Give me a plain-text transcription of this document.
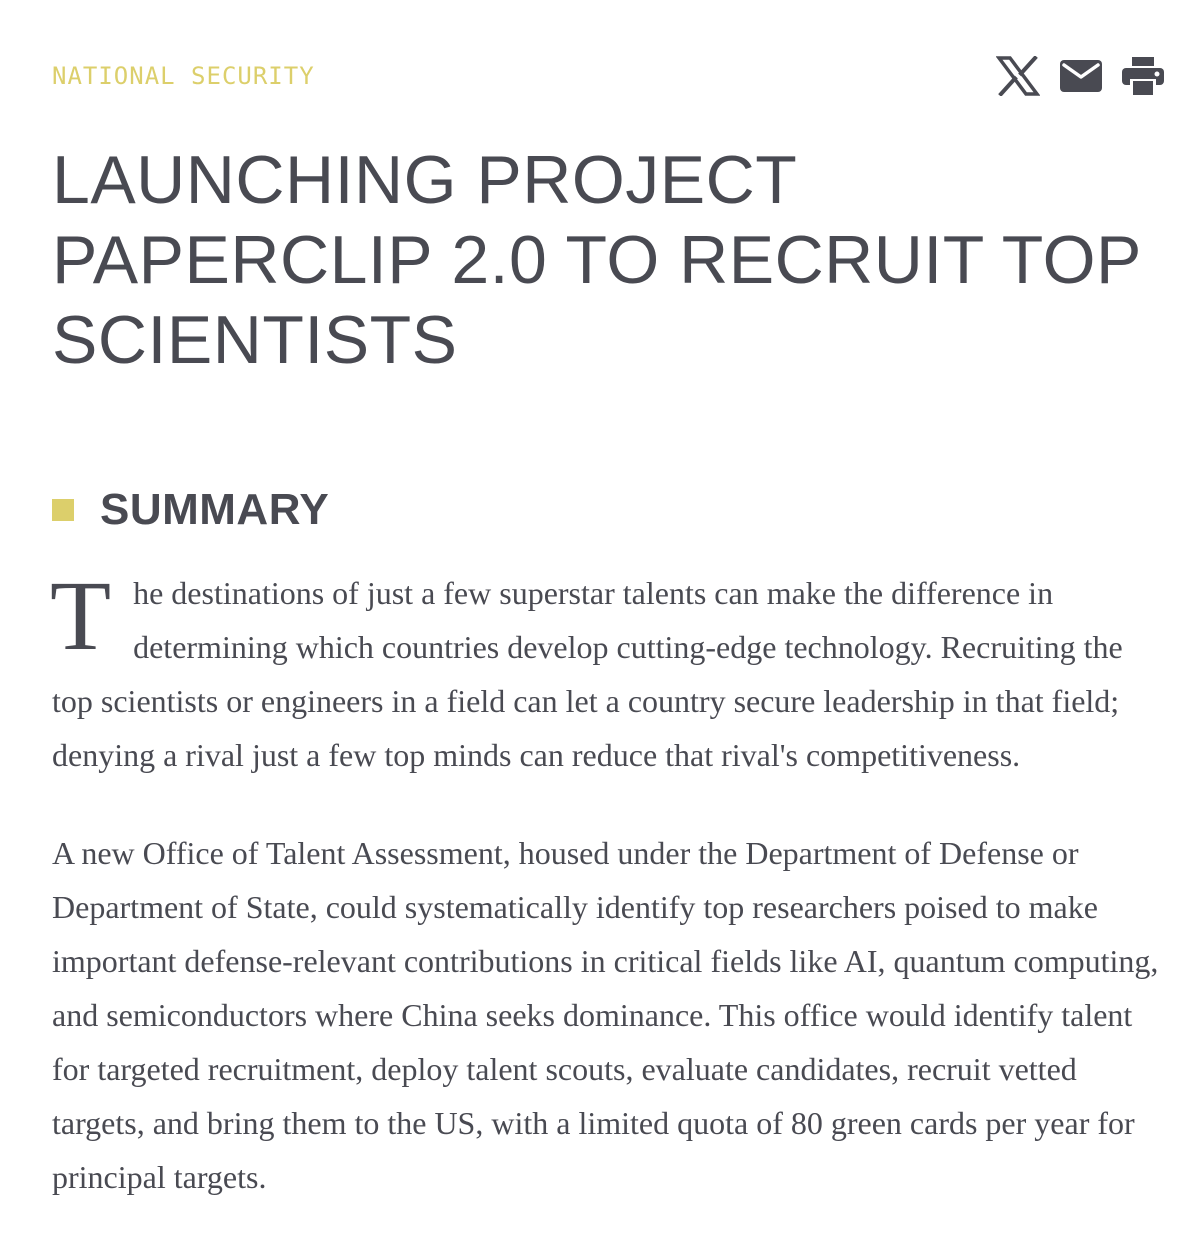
NATIONAL SECURITY
LAUNCHING PROJECT PAPERCLIP 2.0 TO RECRUIT TOP SCIENTISTS
SUMMARY

The destinations of just a few superstar talents can make the difference in determining which countries develop cutting-edge technology. Recruiting the top scientists or engineers in a field can let a country secure leadership in that field; denying a rival just a few top minds can reduce that rival's competitiveness.

A new Office of Talent Assessment, housed under the Department of Defense or Department of State, could systematically identify top researchers poised to make important defense-relevant contributions in critical fields like AI, quantum computing, and semiconductors where China seeks dominance. This office would identify talent for targeted recruitment, deploy talent scouts, evaluate candidates, recruit vetted targets, and bring them to the US, with a limited quota of 80 green cards per year for principal targets.
